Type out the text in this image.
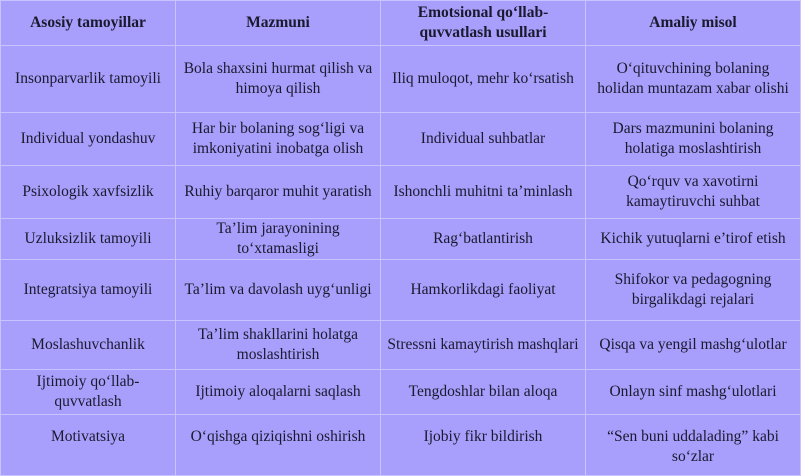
Asosiy tamoyillar	Mazmuni	Emotsional qo‘llab-quvvatlash usullari	Amaliy misol
Insonparvarlik tamoyili	Bola shaxsini hurmat qilish va himoya qilish	Iliq muloqot, mehr ko‘rsatish	O‘qituvchining bolaning holidan muntazam xabar olishi
Individual yondashuv	Har bir bolaning sog‘ligi va imkoniyatini inobatga olish	Individual suhbatlar	Dars mazmunini bolaning holatiga moslashtirish
Psixologik xavfsizlik	Ruhiy barqaror muhit yaratish	Ishonchli muhitni ta’minlash	Qo‘rquv va xavotirni kamaytiruvchi suhbat
Uzluksizlik tamoyili	Ta’lim jarayonining to‘xtamasligi	Rag‘batlantirish	Kichik yutuqlarni e’tirof etish
Integratsiya tamoyili	Ta’lim va davolash uyg‘unligi	Hamkorlikdagi faoliyat	Shifokor va pedagogning birgalikdagi rejalari
Moslashuvchanlik	Ta’lim shakllarini holatga moslashtirish	Stressni kamaytirish mashqlari	Qisqa va yengil mashg‘ulotlar
Ijtimoiy qo‘llab-quvvatlash	Ijtimoiy aloqalarni saqlash	Tengdoshlar bilan aloqa	Onlayn sinf mashg‘ulotlari
Motivatsiya	O‘qishga qiziqishni oshirish	Ijobiy fikr bildirish	“Sen buni uddalading” kabi so‘zlar
